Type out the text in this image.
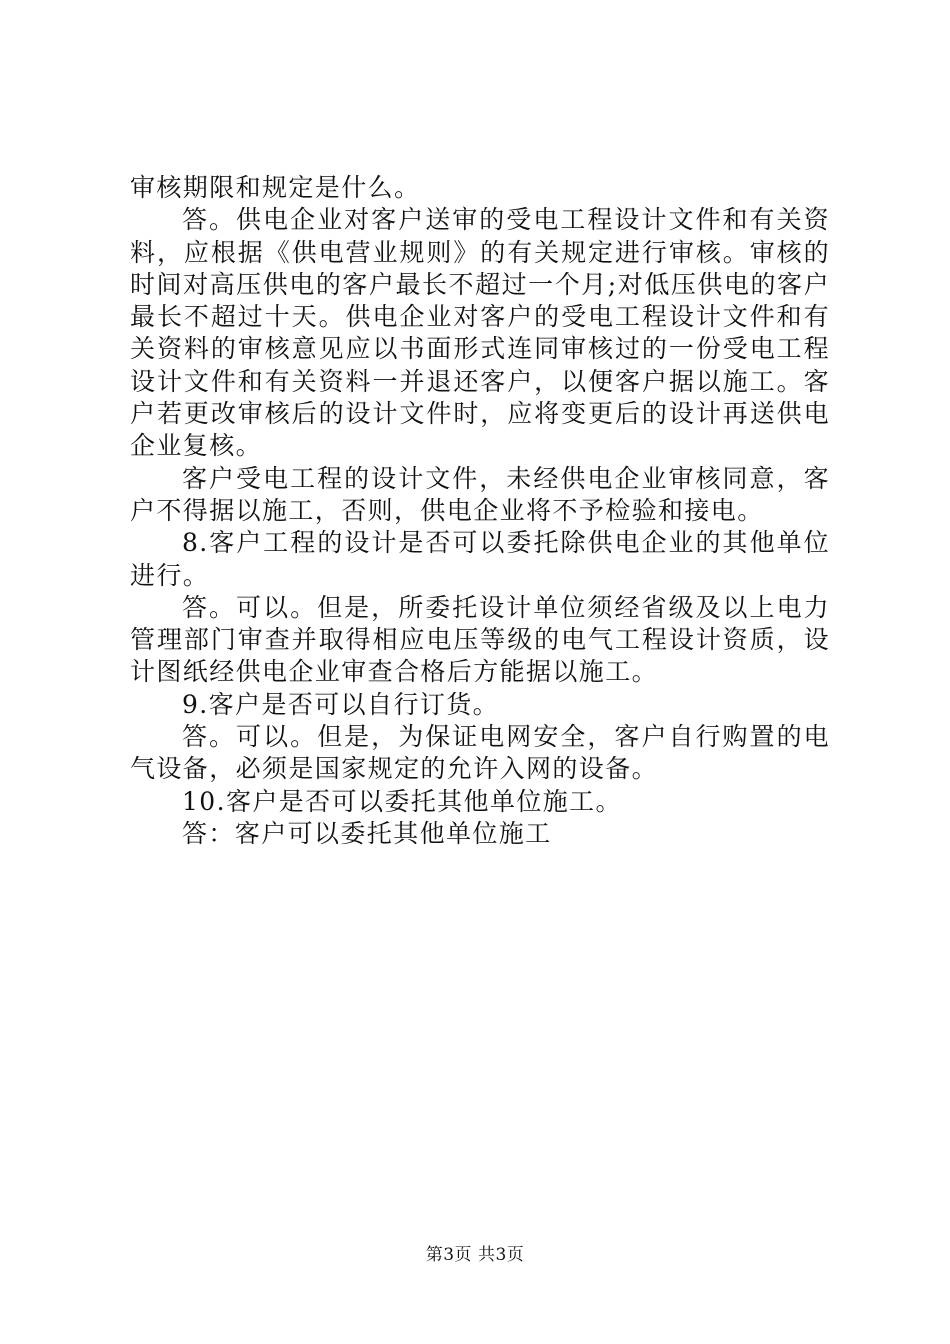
审核期限和规定是什么。

答。供电企业对客户送审的受电工程设计文件和有关资料，应根据《供电营业规则》的有关规定进行审核。审核的时间对高压供电的客户最长不超过一个月;对低压供电的客户最长不超过十天。供电企业对客户的受电工程设计文件和有关资料的审核意见应以书面形式连同审核过的一份受电工程设计文件和有关资料一并退还客户，以便客户据以施工。客户若更改审核后的设计文件时，应将变更后的设计再送供电企业复核。

客户受电工程的设计文件，未经供电企业审核同意，客户不得据以施工，否则，供电企业将不予检验和接电。

8.客户工程的设计是否可以委托除供电企业的其他单位进行。

答。可以。但是，所委托设计单位须经省级及以上电力管理部门审查并取得相应电压等级的电气工程设计资质，设计图纸经供电企业审查合格后方能据以施工。

9.客户是否可以自行订货。

答。可以。但是，为保证电网安全，客户自行购置的电气设备，必须是国家规定的允许入网的设备。

10.客户是否可以委托其他单位施工。

答：客户可以委托其他单位施工

第3页 共3页
